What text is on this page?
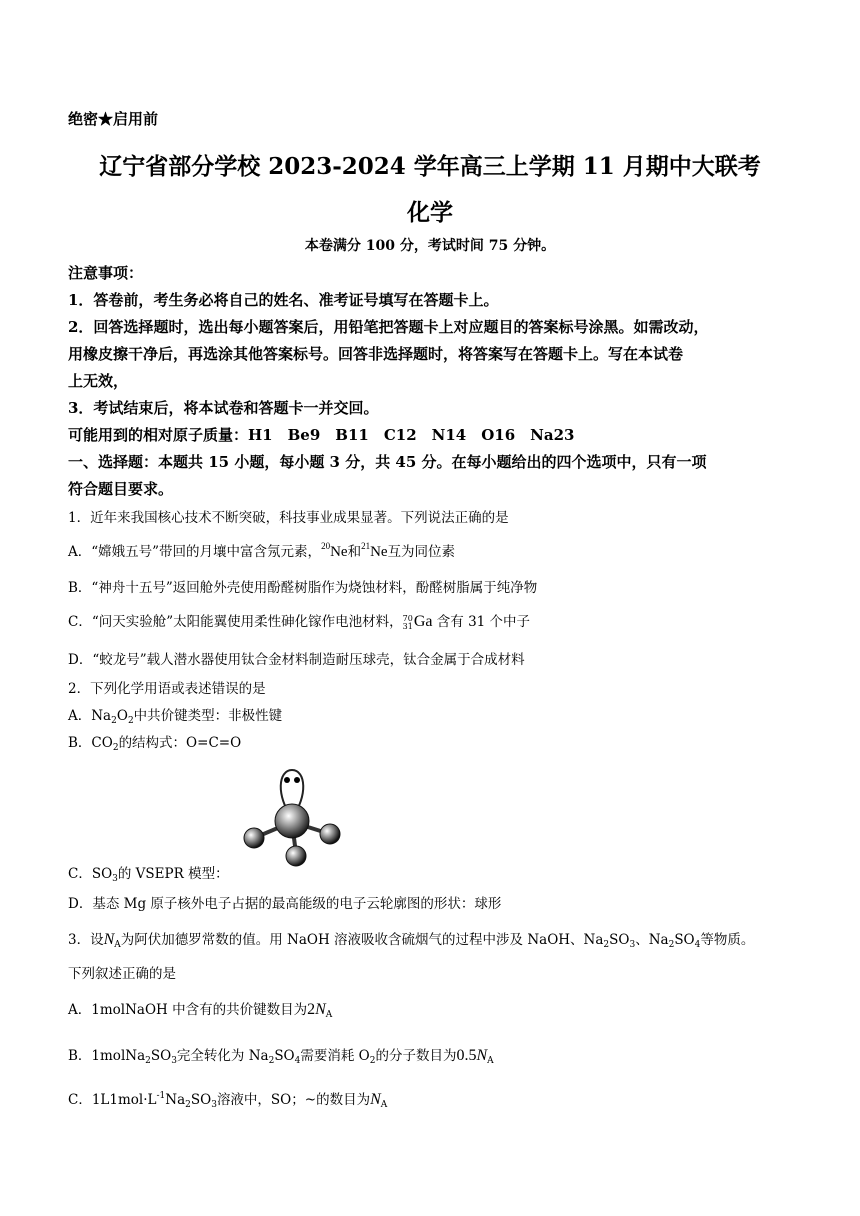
绝密★启用前
辽宁省部分学校 2023-2024 学年高三上学期 11 月期中大联考
化学
本卷满分 100 分，考试时间 75 分钟。
注意事项：
1．答卷前，考生务必将自己的姓名、准考证号填写在答题卡上。
2．回答选择题时，选出每小题答案后，用铅笔把答题卡上对应题目的答案标号涂黑。如需改动，
用橡皮擦干净后，再选涂其他答案标号。回答非选择题时，将答案写在答题卡上。写在本试卷
上无效，
3．考试结束后，将本试卷和答题卡一并交回。
可能用到的相对原子质量：H1　Be9　B11　C12　N14　O16　Na23
一、选择题：本题共 15 小题，每小题 3 分，共 45 分。在每小题给出的四个选项中，只有一项
符合题目要求。
1．近年来我国核心技术不断突破，科技事业成果显著。下列说法正确的是
A．“嫦娥五号”带回的月壤中富含氖元素，$^{20}$Ne和$^{21}$Ne互为同位素
B．“神舟十五号”返回舱外壳使用酚醛树脂作为烧蚀材料，酚醛树脂属于纯净物
C．“问天实验舱”太阳能翼使用柔性砷化镓作电池材料，70
31Ga 含有 31 个中子
D．“蛟龙号”载人潜水器使用钛合金材料制造耐压球壳，钛合金属于合成材料
2．下列化学用语或表述错误的是
A．$Na_2O_2$中共价键类型：非极性键
B．$CO_2$的结构式：O=C=O
C．$SO_3$的 VSEPR 模型：
D．基态 Mg 原子核外电子占据的最高能级的电子云轮廓图的形状：球形
3．设$N_A$为阿伏加德罗常数的值。用 NaOH 溶液吸收含硫烟气的过程中涉及 NaOH、$Na_2SO_3$、$Na_2SO_4$等物质。
下列叙述正确的是
A．1molNaOH 中含有的共价键数目为$2N_A$
B．$1molNa_2SO_3$完全转化为 $Na_2SO_4$需要消耗 $O_2$的分子数目为$0.5N_A$
C．$1L1mol\cdot L^{-1}Na_2SO_3$溶液中，SO；~的数目为$N_A$
